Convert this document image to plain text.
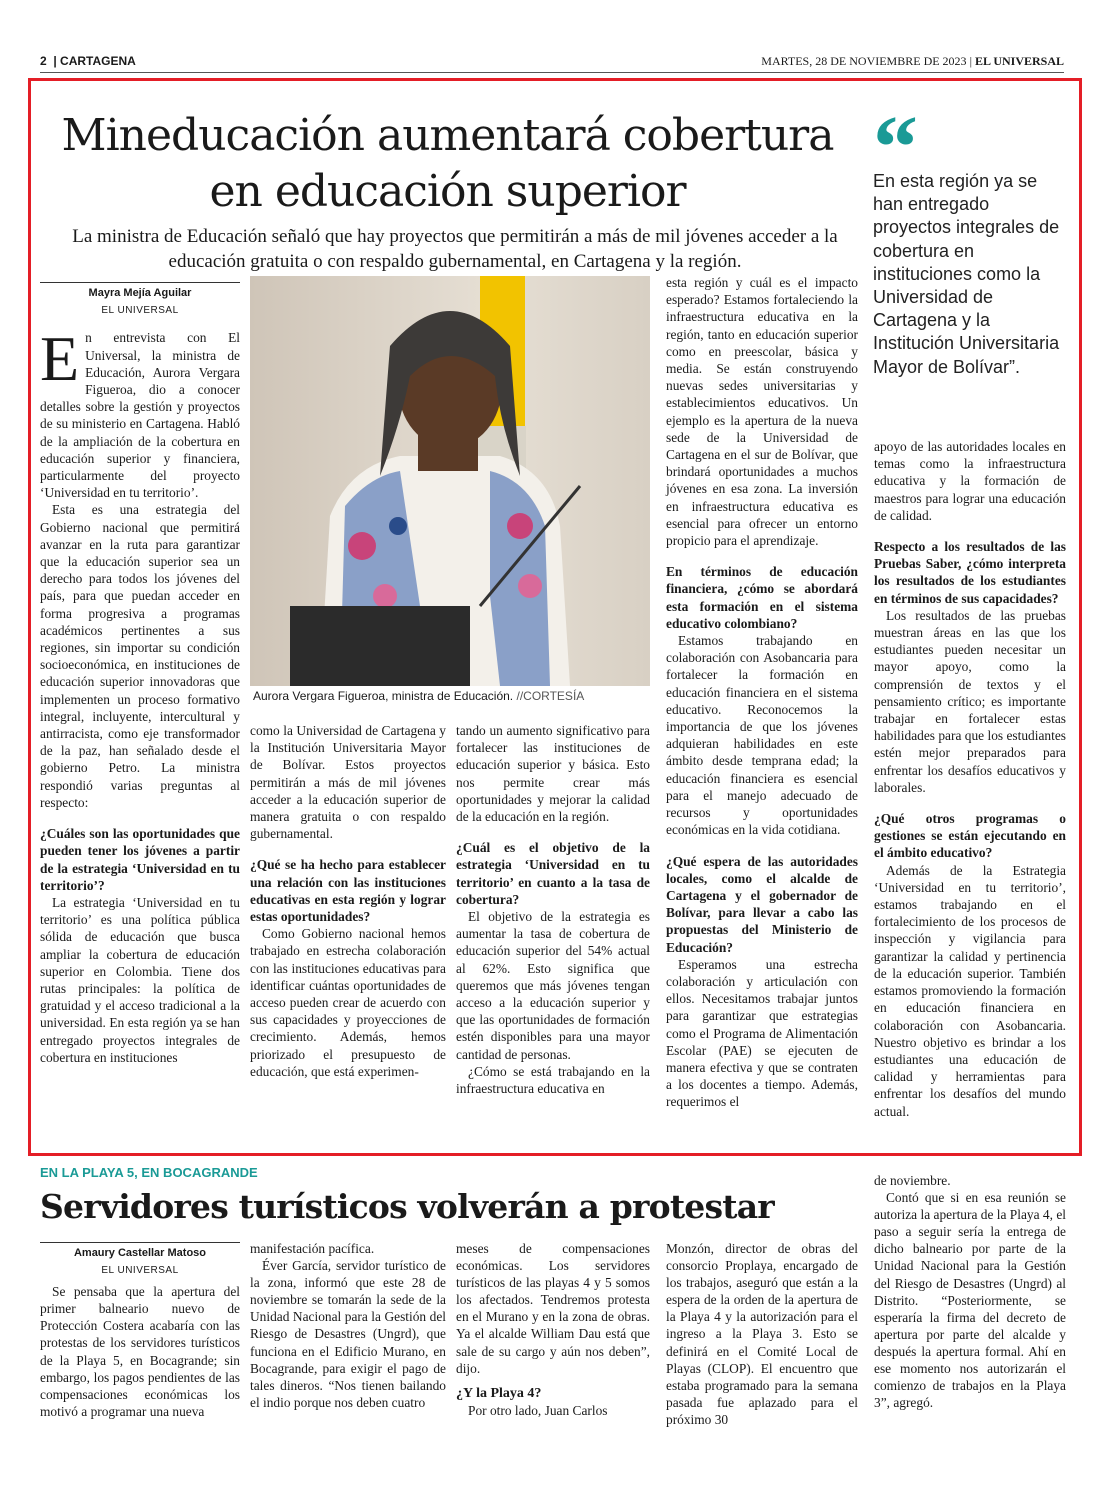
2  | CARTAGENA	MARTES, 28 DE NOVIEMBRE DE 2023 | EL UNIVERSAL
Mineducación aumentará cobertura en educación superior
La ministra de Educación señaló que hay proyectos que permitirán a más de mil jóvenes acceder a la educación gratuita o con respaldo gubernamental, en Cartagena y la región.
“
En esta región ya se han entregado proyectos integrales de cobertura en instituciones como la Universidad de Cartagena y la Institución Universitaria Mayor de Bolívar”.
Mayra Mejía Aguilar
EL UNIVERSAL

En entrevista con El Universal, la ministra de Educación, Aurora Vergara Figueroa, dio a conocer detalles sobre la gestión y proyectos de su ministerio en Cartagena. Habló de la ampliación de la cobertura en educación superior y financiera, particularmente del proyecto ‘Universidad en tu territorio’.

Esta es una estrategia del Gobierno nacional que permitirá avanzar en la ruta para garantizar que la educación superior sea un derecho para todos los jóvenes del país, para que puedan acceder en forma progresiva a programas académicos pertinentes a sus regiones, sin importar su condición socioeconómica, en instituciones de educación superior innovadoras que implementen un proceso formativo integral, incluyente, intercultural y antirracista, como eje transformador de la paz, han señalado desde el gobierno Petro. La ministra respondió varias preguntas al respecto:

¿Cuáles son las oportunidades que pueden tener los jóvenes a partir de la estrategia ‘Universidad en tu territorio’?

La estrategia ‘Universidad en tu territorio’ es una política pública sólida de educación que busca ampliar la cobertura de educación superior en Colombia. Tiene dos rutas principales: la política de gratuidad y el acceso tradicional a la universidad. En esta región ya se han entregado proyectos integrales de cobertura en instituciones

Aurora Vergara Figueroa, ministra de Educación. //CORTESÍA

como la Universidad de Cartagena y la Institución Universitaria Mayor de Bolívar. Estos proyectos permitirán a más de mil jóvenes acceder a la educación superior de manera gratuita o con respaldo gubernamental.

¿Qué se ha hecho para establecer una relación con las instituciones educativas en esta región y lograr estas oportunidades?

Como Gobierno nacional hemos trabajado en estrecha colaboración con las instituciones educativas para identificar cuántas oportunidades de acceso pueden crear de acuerdo con sus capacidades y proyecciones de crecimiento. Además, hemos priorizado el presupuesto de educación, que está experimen-

tando un aumento significativo para fortalecer las instituciones de educación superior y básica. Esto nos permite crear más oportunidades y mejorar la calidad de la educación en la región.

¿Cuál es el objetivo de la estrategia ‘Universidad en tu territorio’ en cuanto a la tasa de cobertura?

El objetivo de la estrategia es aumentar la tasa de cobertura de educación superior del 54% actual al 62%. Esto significa que queremos que más jóvenes tengan acceso a la educación superior y que las oportunidades de formación estén disponibles para una mayor cantidad de personas.

¿Cómo se está trabajando en la infraestructura educativa en

esta región y cuál es el impacto esperado? Estamos fortaleciendo la infraestructura educativa en la región, tanto en educación superior como en preescolar, básica y media. Se están construyendo nuevas sedes universitarias y establecimientos educativos. Un ejemplo es la apertura de la nueva sede de la Universidad de Cartagena en el sur de Bolívar, que brindará oportunidades a muchos jóvenes en esa zona. La inversión en infraestructura educativa es esencial para ofrecer un entorno propicio para el aprendizaje.

En términos de educación financiera, ¿cómo se abordará esta formación en el sistema educativo colombiano?

Estamos trabajando en colaboración con Asobancaria para fortalecer la formación en educación financiera en el sistema educativo. Reconocemos la importancia de que los jóvenes adquieran habilidades en este ámbito desde temprana edad; la educación financiera es esencial para el manejo adecuado de recursos y oportunidades económicas en la vida cotidiana.

¿Qué espera de las autoridades locales, como el alcalde de Cartagena y el gobernador de Bolívar, para llevar a cabo las propuestas del Ministerio de Educación?

Esperamos una estrecha colaboración y articulación con ellos. Necesitamos trabajar juntos para garantizar que estrategias como el Programa de Alimentación Escolar (PAE) se ejecuten de manera efectiva y que se contraten a los docentes a tiempo. Además, requerimos el

apoyo de las autoridades locales en temas como la infraestructura educativa y la formación de maestros para lograr una educación de calidad.

Respecto a los resultados de las Pruebas Saber, ¿cómo interpreta los resultados de los estudiantes en términos de sus capacidades?

Los resultados de las pruebas muestran áreas en las que los estudiantes pueden necesitar un mayor apoyo, como la comprensión de textos y el pensamiento crítico; es importante trabajar en fortalecer estas habilidades para que los estudiantes estén mejor preparados para enfrentar los desafíos educativos y laborales.

¿Qué otros programas o gestiones se están ejecutando en el ámbito educativo?

Además de la Estrategia ‘Universidad en tu territorio’, estamos trabajando en el fortalecimiento de los procesos de inspección y vigilancia para garantizar la calidad y pertinencia de la educación superior. También estamos promoviendo la formación en educación financiera en colaboración con Asobancaria. Nuestro objetivo es brindar a los estudiantes una educación de calidad y herramientas para enfrentar los desafíos del mundo actual.

EN LA PLAYA 5, EN BOCAGRANDE
Servidores turísticos volverán a protestar
Amaury Castellar Matoso
EL UNIVERSAL

Se pensaba que la apertura del primer balneario nuevo de Protección Costera acabaría con las protestas de los servidores turísticos de la Playa 5, en Bocagrande; sin embargo, los pagos pendientes de las compensaciones económicas los motivó a programar una nueva

manifestación pacífica.

Éver García, servidor turístico de la zona, informó que este 28 de noviembre se tomarán la sede de la Unidad Nacional para la Gestión del Riesgo de Desastres (Ungrd), que funciona en el Edificio Murano, en Bocagrande, para exigir el pago de tales dineros. “Nos tienen bailando el indio porque nos deben cuatro

meses de compensaciones económicas. Los servidores turísticos de las playas 4 y 5 somos los afectados. Tendremos protesta en el Murano y en la zona de obras. Ya el alcalde William Dau está que sale de su cargo y aún nos deben”, dijo.

¿Y la Playa 4?

Por otro lado, Juan Carlos

Monzón, director de obras del consorcio Proplaya, encargado de los trabajos, aseguró que están a la espera de la orden de la apertura de la Playa 4 y la autorización para el ingreso a la Playa 3. Esto se definirá en el Comité Local de Playas (CLOP). El encuentro que estaba programado para la semana pasada fue aplazado para el próximo 30

de noviembre.

Contó que si en esa reunión se autoriza la apertura de la Playa 4, el paso a seguir sería la entrega de dicho balneario por parte de la Unidad Nacional para la Gestión del Riesgo de Desastres (Ungrd) al Distrito. “Posteriormente, se esperaría la firma del decreto de apertura por parte del alcalde y después la apertura formal. Ahí en ese momento nos autorizarán el comienzo de trabajos en la Playa 3”, agregó.
